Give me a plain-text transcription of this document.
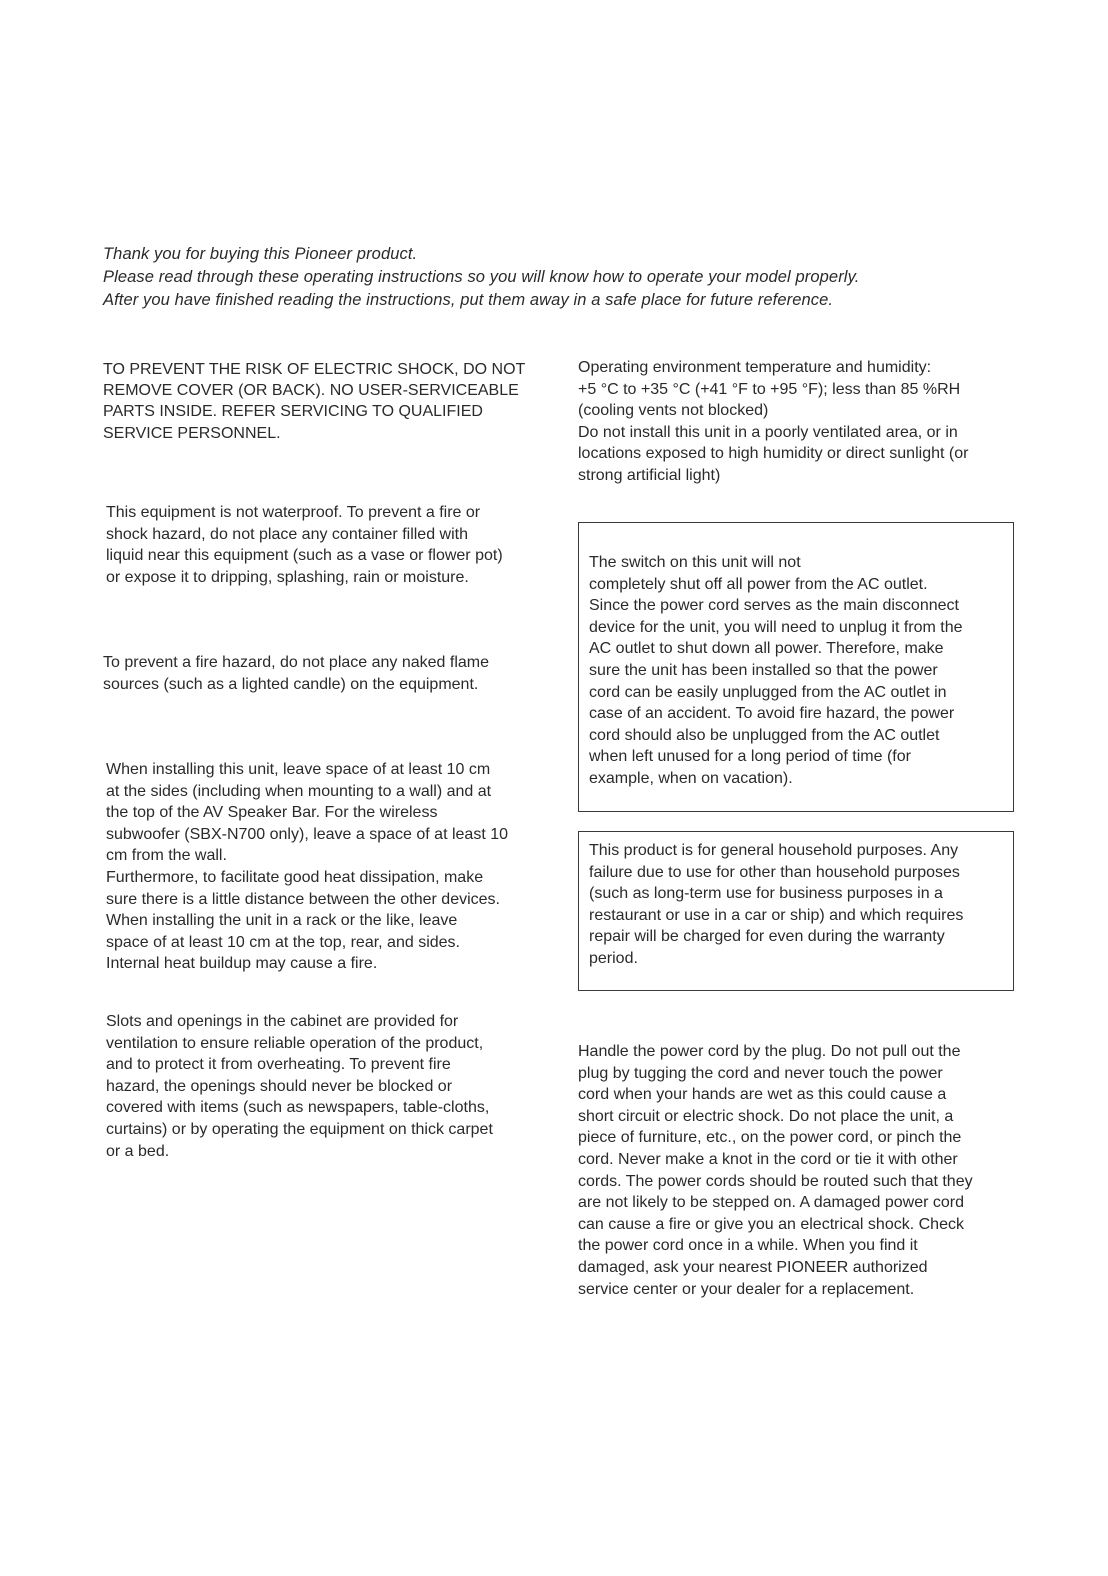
Thank you for buying this Pioneer product.

Please read through these operating instructions so you will know how to operate your model properly.

After you have finished reading the instructions, put them away in a safe place for future reference.

TO PREVENT THE RISK OF ELECTRIC SHOCK, DO NOT
REMOVE COVER (OR BACK). NO USER-SERVICEABLE
PARTS INSIDE. REFER SERVICING TO QUALIFIED
SERVICE PERSONNEL.

This equipment is not waterproof. To prevent a fire or
shock hazard, do not place any container filled with
liquid near this equipment (such as a vase or flower pot)
or expose it to dripping, splashing, rain or moisture.

To prevent a fire hazard, do not place any naked flame
sources (such as a lighted candle) on the equipment.

When installing this unit, leave space of at least 10 cm
at the sides (including when mounting to a wall) and at
the top of the AV Speaker Bar. For the wireless
subwoofer (SBX-N700 only), leave a space of at least 10
cm from the wall.
Furthermore, to facilitate good heat dissipation, make
sure there is a little distance between the other devices.
When installing the unit in a rack or the like, leave
space of at least 10 cm at the top, rear, and sides.
Internal heat buildup may cause a fire.

Slots and openings in the cabinet are provided for
ventilation to ensure reliable operation of the product,
and to protect it from overheating. To prevent fire
hazard, the openings should never be blocked or
covered with items (such as newspapers, table-cloths,
curtains) or by operating the equipment on thick carpet
or a bed.

Operating environment temperature and humidity:
+5 °C to +35 °C (+41 °F to +95 °F); less than 85 %RH
(cooling vents not blocked)
Do not install this unit in a poorly ventilated area, or in
locations exposed to high humidity or direct sunlight (or
strong artificial light)

The switch on this unit will not
completely shut off all power from the AC outlet.
Since the power cord serves as the main disconnect
device for the unit, you will need to unplug it from the
AC outlet to shut down all power. Therefore, make
sure the unit has been installed so that the power
cord can be easily unplugged from the AC outlet in
case of an accident. To avoid fire hazard, the power
cord should also be unplugged from the AC outlet
when left unused for a long period of time (for
example, when on vacation).

This product is for general household purposes. Any
failure due to use for other than household purposes
(such as long-term use for business purposes in a
restaurant or use in a car or ship) and which requires
repair will be charged for even during the warranty
period.

Handle the power cord by the plug. Do not pull out the
plug by tugging the cord and never touch the power
cord when your hands are wet as this could cause a
short circuit or electric shock. Do not place the unit, a
piece of furniture, etc., on the power cord, or pinch the
cord. Never make a knot in the cord or tie it with other
cords. The power cords should be routed such that they
are not likely to be stepped on. A damaged power cord
can cause a fire or give you an electrical shock. Check
the power cord once in a while. When you find it
damaged, ask your nearest PIONEER authorized
service center or your dealer for a replacement.
